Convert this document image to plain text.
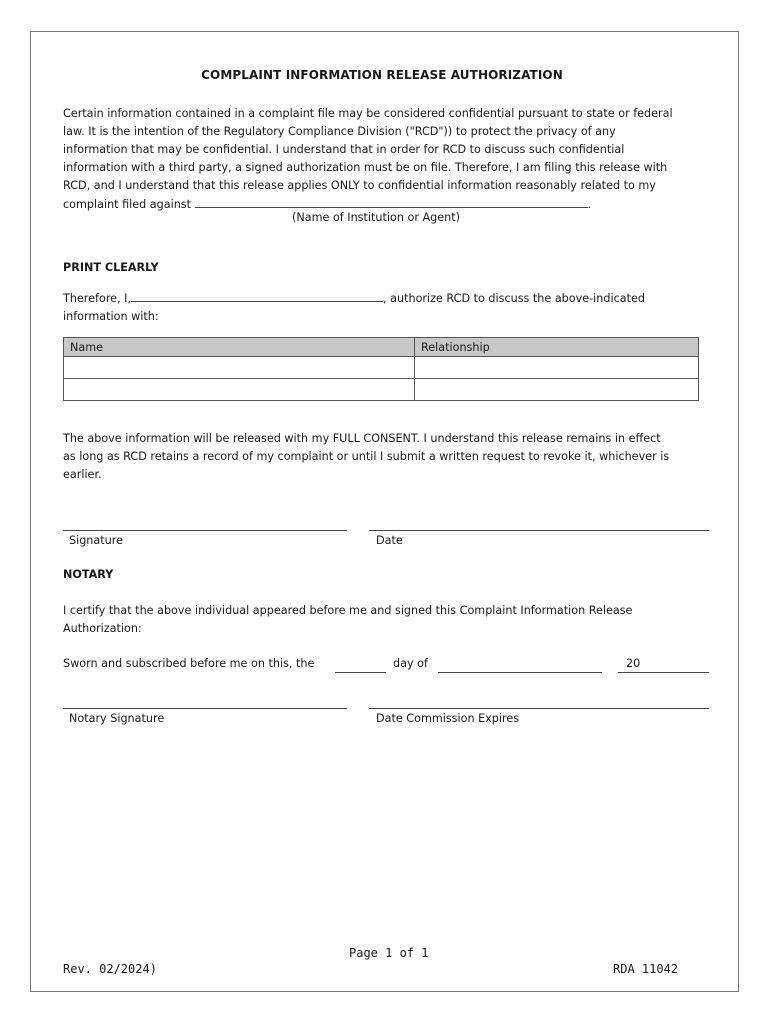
COMPLAINT INFORMATION RELEASE AUTHORIZATION
Certain information contained in a complaint file may be considered confidential pursuant to state or federal
law. It is the intention of the Regulatory Compliance Division ("RCD")) to protect the privacy of any
information that may be confidential. I understand that in order for RCD to discuss such confidential
information with a third party, a signed authorization must be on file. Therefore, I am filing this release with
RCD, and I understand that this release applies ONLY to confidential information reasonably related to my
complaint filed against	.
(Name of Institution or Agent)
PRINT CLEARLY
Therefore, I,	, authorize RCD to discuss the above-indicated
information with:
Name	Relationship

The above information will be released with my FULL CONSENT. I understand this release remains in effect
as long as RCD retains a record of my complaint or until I submit a written request to revoke it, whichever is
earlier.
Signature	Date
NOTARY
I certify that the above individual appeared before me and signed this Complaint Information Release
Authorization:
Sworn and subscribed before me on this, the	day of	20
Notary Signature	Date Commission Expires
Page 1 of 1
Rev. 02/2024)	RDA 11042
